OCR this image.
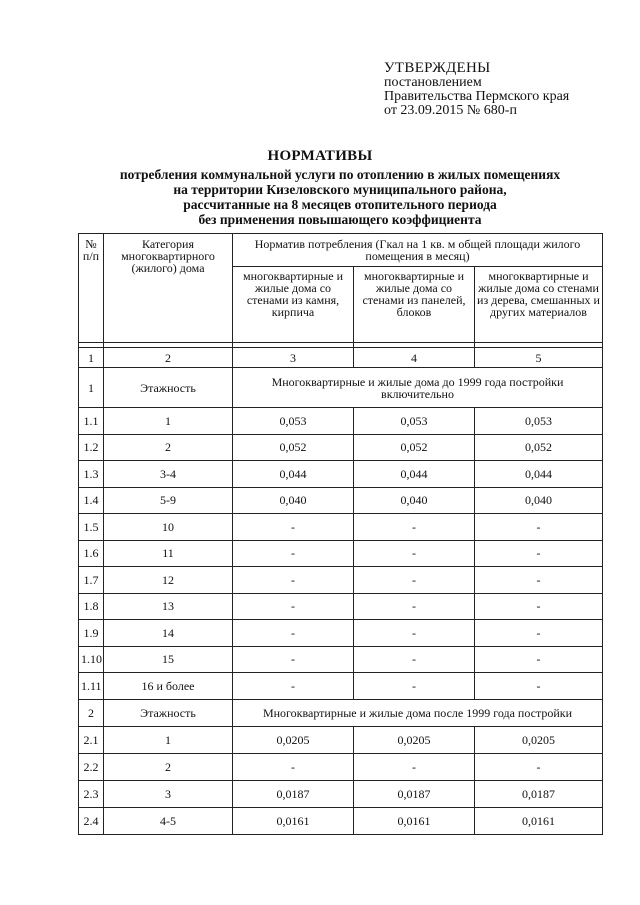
УТВЕРЖДЕНЫ
постановлением
Правительства Пермского края
от 23.09.2015 № 680-п
НОРМАТИВЫ
потребления коммунальной услуги по отоплению в жилых помещениях
на территории Кизеловского муниципального района,
рассчитанные на 8 месяцев отопительного периода
без применения повышающего коэффициента
№ п/п	Категория многоквартирного (жилого) дома	Норматив потребления (Гкал на 1 кв. м общей площади жилого помещения в месяц)		
		многоквартирные и жилые дома со стенами из камня, кирпича	многоквартирные и жилые дома со стенами из панелей, блоков	многоквартирные и жилые дома со стенами из дерева, смешанных и других материалов

1	2	3	4	5
1	Этажность	Многоквартирные и жилые дома до 1999 года постройки включительно		
1.1	1	0,053	0,053	0,053
1.2	2	0,052	0,052	0,052
1.3	3-4	0,044	0,044	0,044
1.4	5-9	0,040	0,040	0,040
1.5	10	-	-	-
1.6	11	-	-	-
1.7	12	-	-	-
1.8	13	-	-	-
1.9	14	-	-	-
1.10	15	-	-	-
1.11	16 и более	-	-	-
2	Этажность	Многоквартирные и жилые дома после 1999 года постройки		
2.1	1	0,0205	0,0205	0,0205
2.2	2	-	-	-
2.3	3	0,0187	0,0187	0,0187
2.4	4-5	0,0161	0,0161	0,0161
